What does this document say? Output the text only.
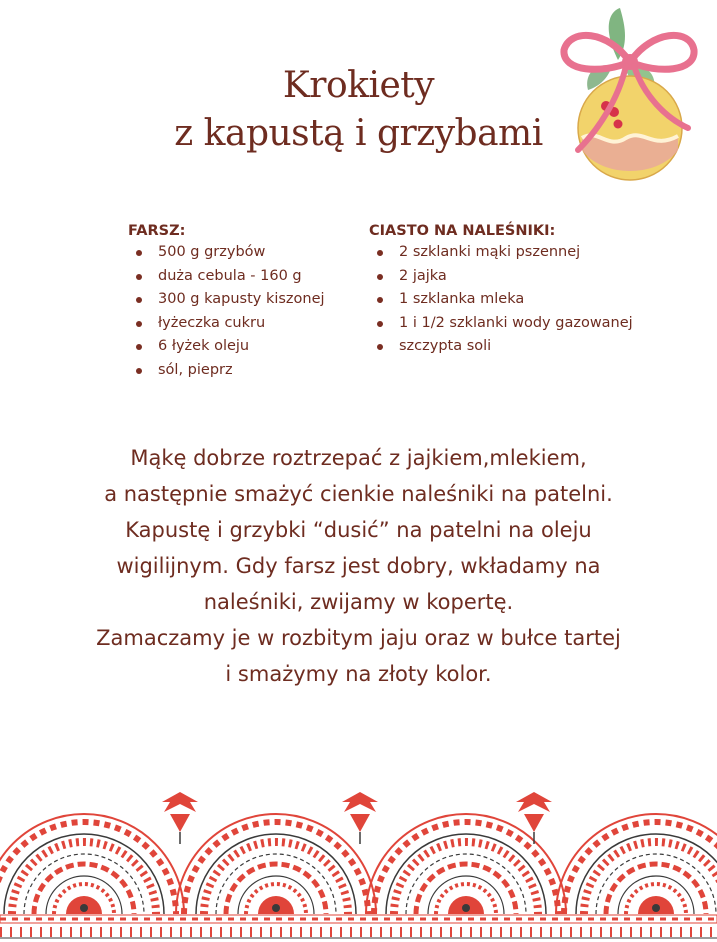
Krokiety
z kapustą i grzybami
FARSZ:
500 g grzybów
duża cebula - 160 g
300 g kapusty kiszonej
łyżeczka cukru
6 łyżek oleju
sól, pieprz
CIASTO NA NALEŚNIKI:
2 szklanki mąki pszennej
2 jajka
1 szklanka mleka
1 i 1/2 szklanki wody gazowanej
szczypta soli
Mąkę dobrze roztrzepać z jajkiem,mlekiem,
a następnie smażyć cienkie naleśniki na patelni.
Kapustę i grzybki “dusić” na patelni na oleju
wigilijnym. Gdy farsz jest dobry, wkładamy na
naleśniki, zwijamy w kopertę.
Zamaczamy je w rozbitym jaju oraz w bułce tartej
i smażymy na złoty kolor.
